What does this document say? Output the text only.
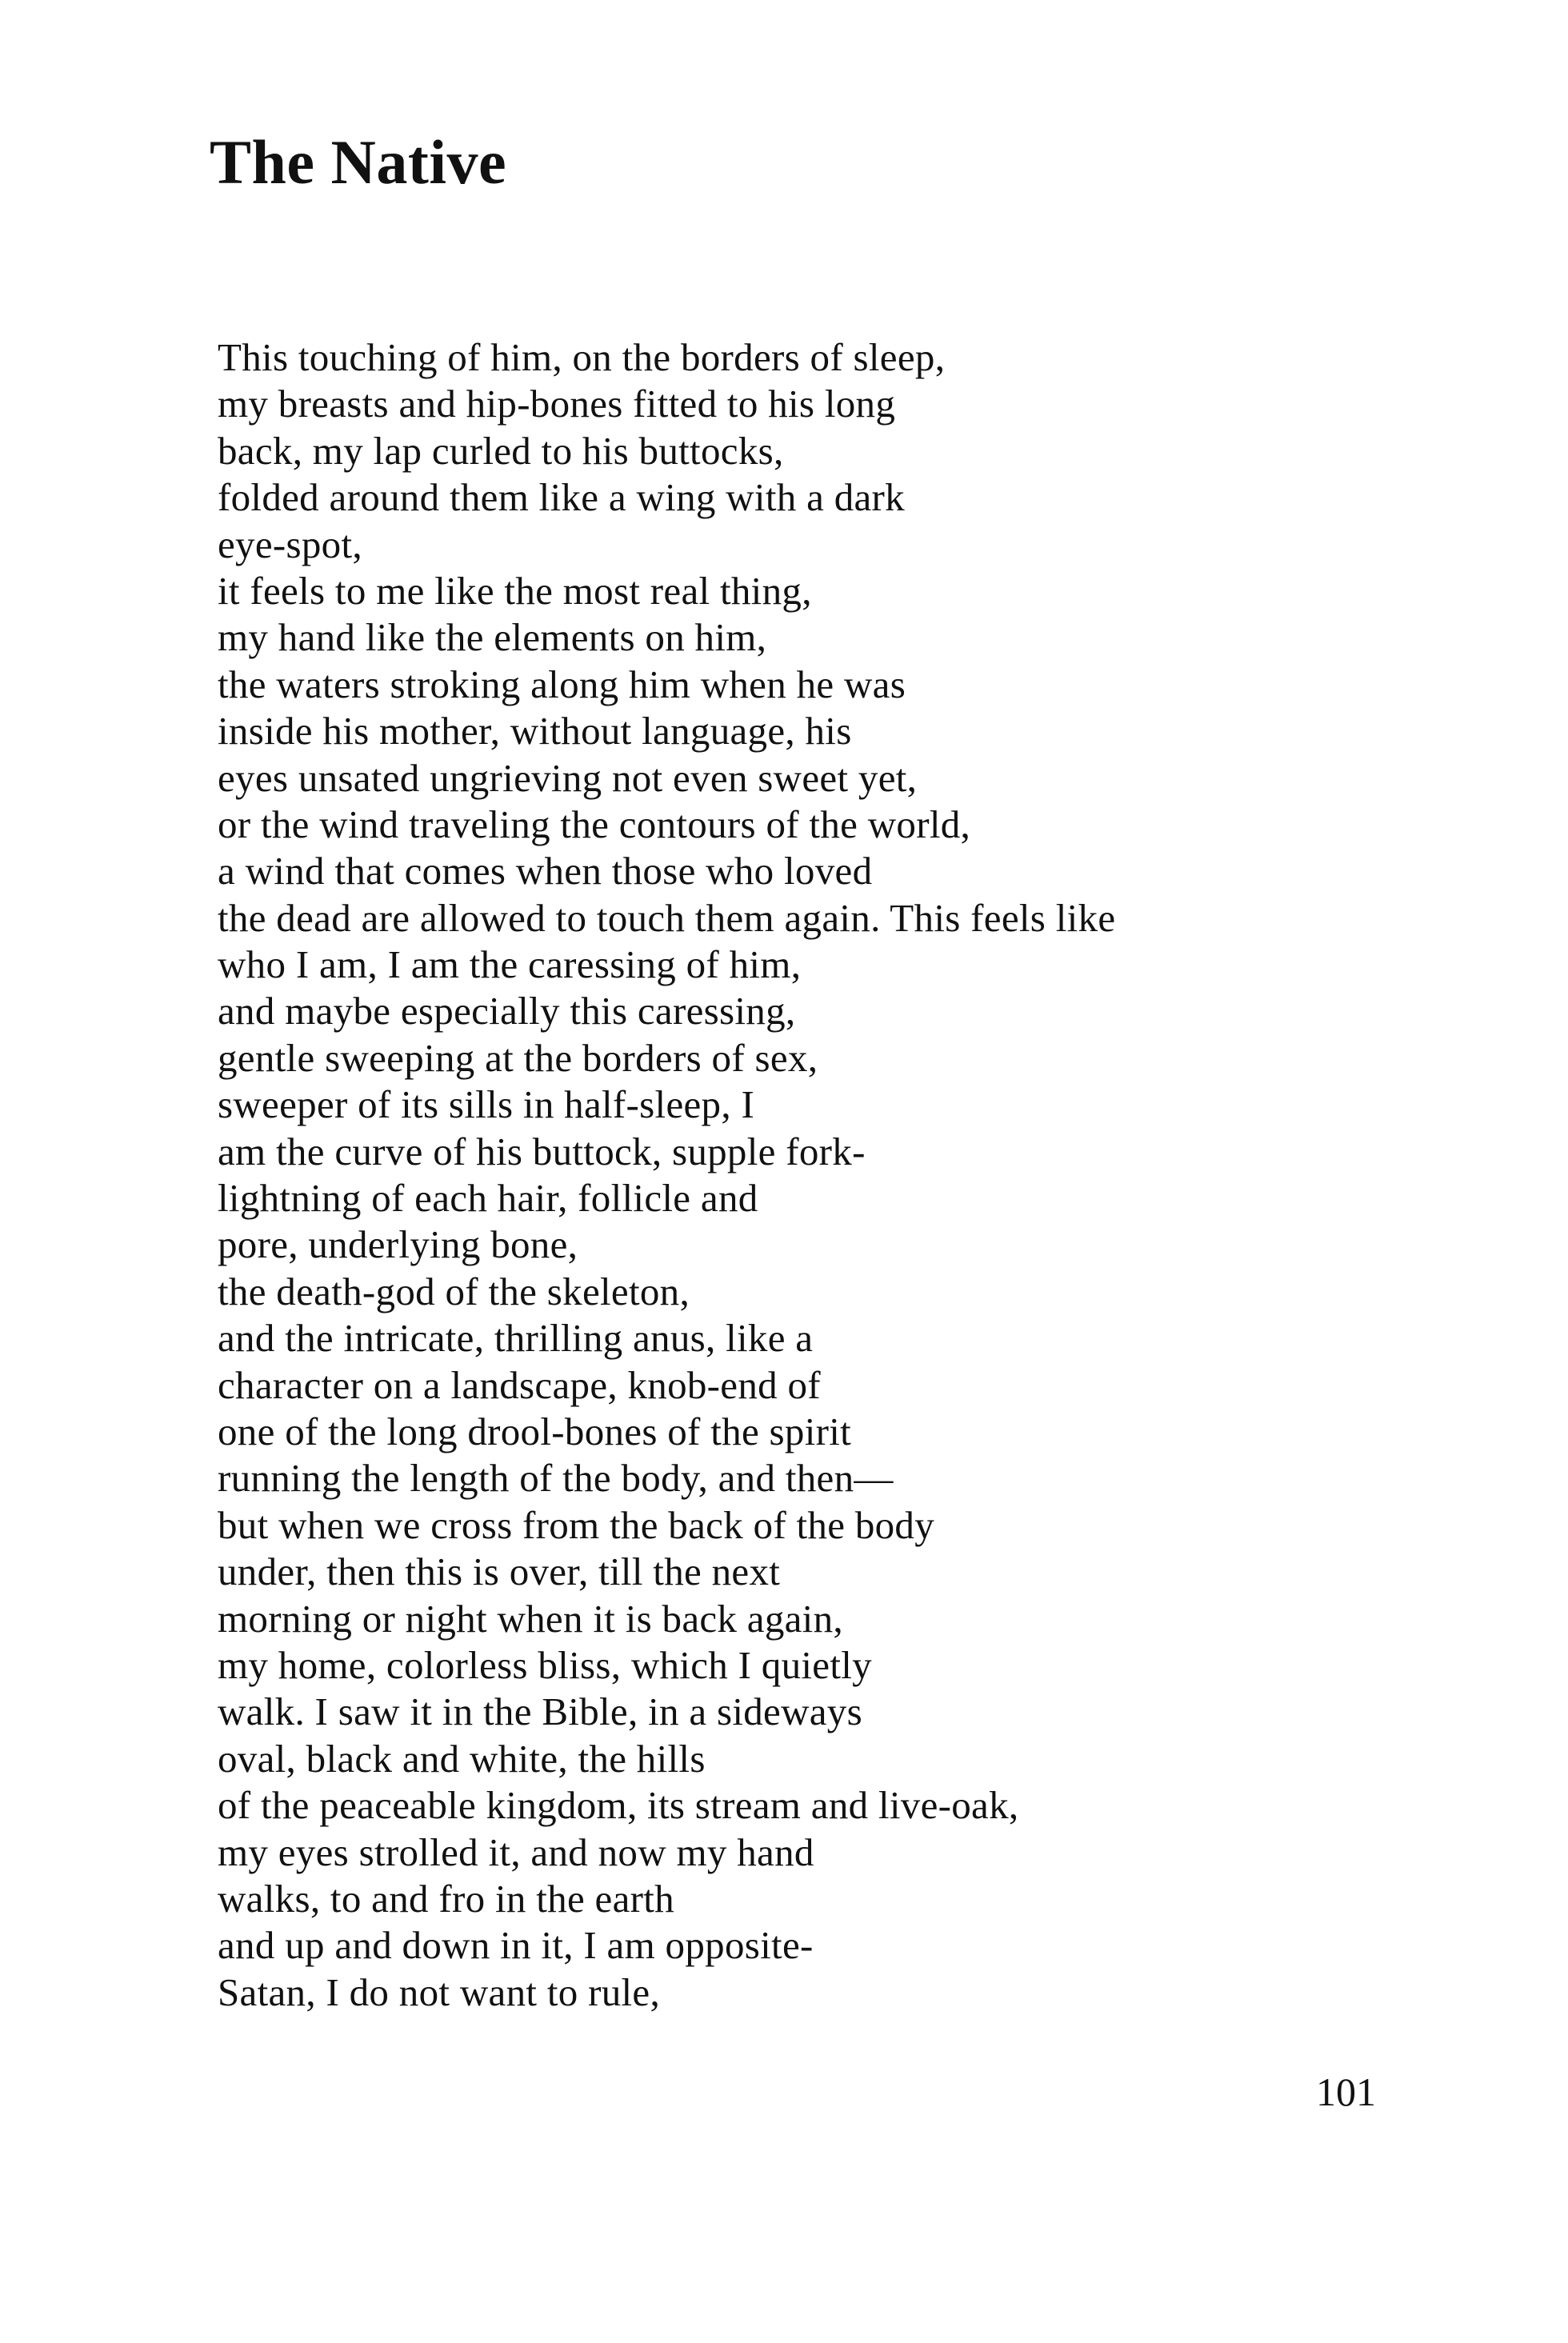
The Native
This touching of him, on the borders of sleep,
my breasts and hip-bones fitted to his long
back, my lap curled to his buttocks,
folded around them like a wing with a dark
eye-spot,
it feels to me like the most real thing,
my hand like the elements on him,
the waters stroking along him when he was
inside his mother, without language, his
eyes unsated ungrieving not even sweet yet,
or the wind traveling the contours of the world,
a wind that comes when those who loved
the dead are allowed to touch them again. This feels like
who I am, I am the caressing of him,
and maybe especially this caressing,
gentle sweeping at the borders of sex,
sweeper of its sills in half-sleep, I
am the curve of his buttock, supple fork-
lightning of each hair, follicle and
pore, underlying bone,
the death-god of the skeleton,
and the intricate, thrilling anus, like a
character on a landscape, knob-end of
one of the long drool-bones of the spirit
running the length of the body, and then—
but when we cross from the back of the body
under, then this is over, till the next
morning or night when it is back again,
my home, colorless bliss, which I quietly
walk. I saw it in the Bible, in a sideways
oval, black and white, the hills
of the peaceable kingdom, its stream and live-oak,
my eyes strolled it, and now my hand
walks, to and fro in the earth
and up and down in it, I am opposite-
Satan, I do not want to rule,
101
